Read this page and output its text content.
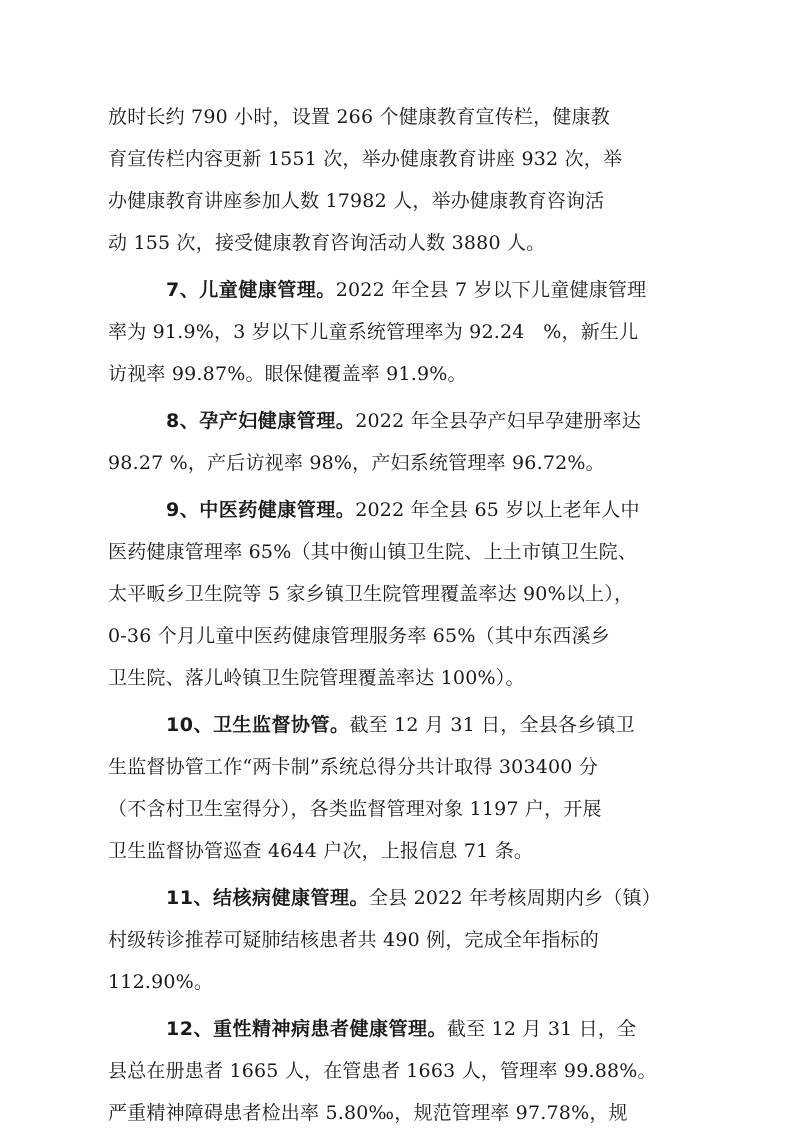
放时长约 790 小时，设置 266 个健康教育宣传栏，健康教
育宣传栏内容更新 1551 次，举办健康教育讲座 932 次，举
办健康教育讲座参加人数 17982 人，举办健康教育咨询活
动 155 次，接受健康教育咨询活动人数 3880 人。
7、儿童健康管理。2022 年全县 7 岁以下儿童健康管理
率为 91.9%，3 岁以下儿童系统管理率为 92.24   %，新生儿
访视率 99.87%。眼保健覆盖率 91.9%。
8、孕产妇健康管理。2022 年全县孕产妇早孕建册率达
98.27 %，产后访视率 98%，产妇系统管理率 96.72%。
9、中医药健康管理。2022 年全县 65 岁以上老年人中
医药健康管理率 65%（其中衡山镇卫生院、上土市镇卫生院、
太平畈乡卫生院等 5 家乡镇卫生院管理覆盖率达 90%以上），
0-36 个月儿童中医药健康管理服务率 65%（其中东西溪乡
卫生院、落儿岭镇卫生院管理覆盖率达 100%）。
10、卫生监督协管。截至 12 月 31 日，全县各乡镇卫
生监督协管工作“两卡制”系统总得分共计取得 303400 分
（不含村卫生室得分），各类监督管理对象 1197 户，开展
卫生监督协管巡查 4644 户次，上报信息 71 条。
11、结核病健康管理。全县 2022 年考核周期内乡（镇）
村级转诊推荐可疑肺结核患者共 490 例，完成全年指标的
112.90%。
12、重性精神病患者健康管理。截至 12 月 31 日，全
县总在册患者 1665 人，在管患者 1663 人，管理率 99.88%。
严重精神障碍患者检出率 5.80‰，规范管理率 97.78%，规
